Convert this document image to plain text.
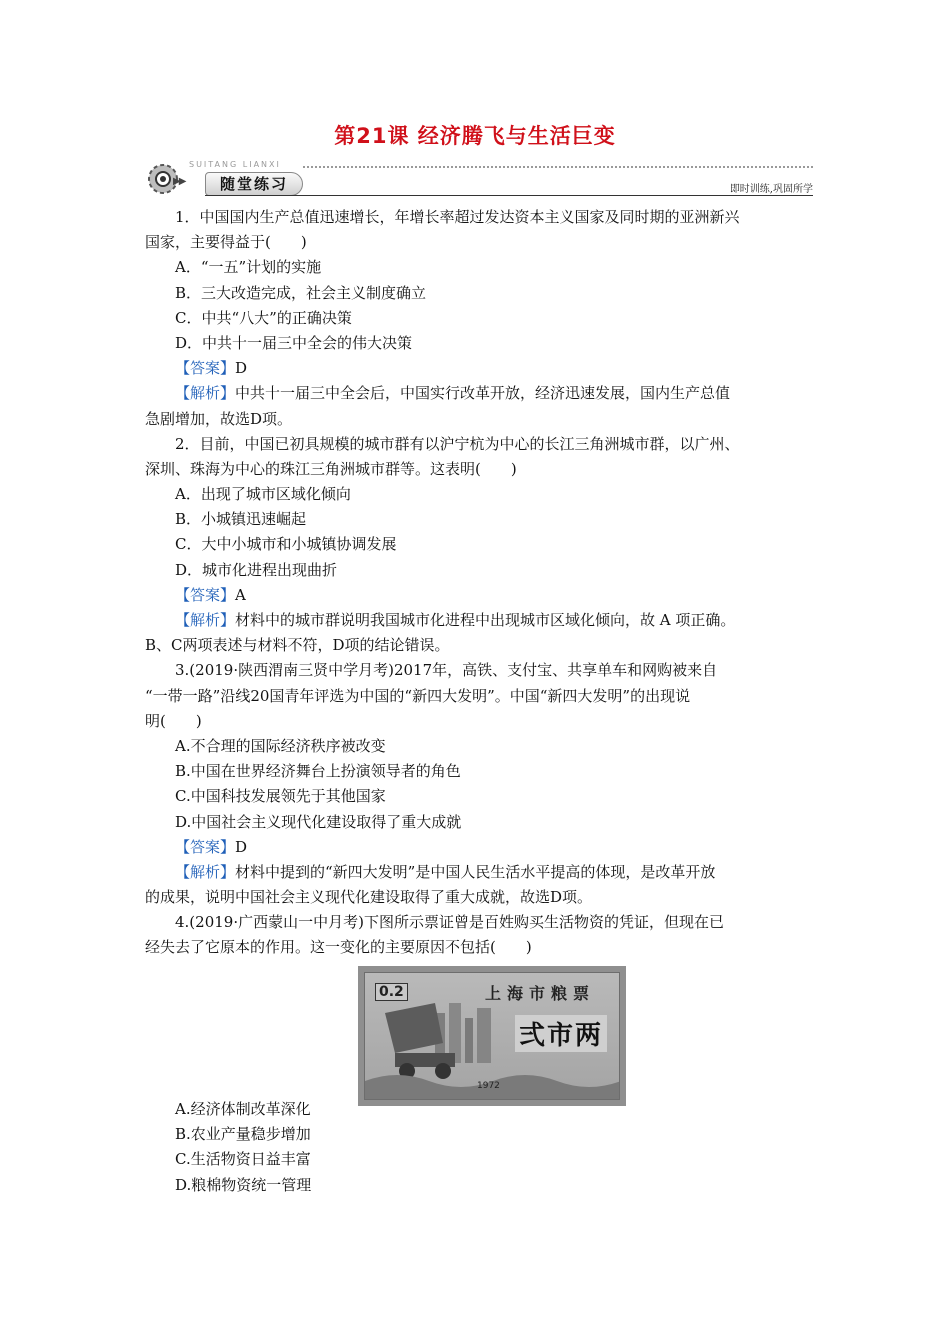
第21课 经济腾飞与生活巨变
SUITANG LIANXI
▶▶	随堂练习	即时训练,巩固所学
1．中国国内生产总值迅速增长，年增长率超过发达资本主义国家及同时期的亚洲新兴
国家，主要得益于(　　)
A．“一五”计划的实施
B．三大改造完成，社会主义制度确立
C．中共“八大”的正确决策
D．中共十一届三中全会的伟大决策
【答案】D
【解析】中共十一届三中全会后，中国实行改革开放，经济迅速发展，国内生产总值
急剧增加，故选D项。
2．目前，中国已初具规模的城市群有以沪宁杭为中心的长江三角洲城市群，以广州、
深圳、珠海为中心的珠江三角洲城市群等。这表明(　　)
A．出现了城市区域化倾向
B．小城镇迅速崛起
C．大中小城市和小城镇协调发展
D．城市化进程出现曲折
【答案】A
【解析】材料中的城市群说明我国城市化进程中出现城市区域化倾向，故 A 项正确。
B、C两项表述与材料不符，D项的结论错误。
3.(2019·陕西渭南三贤中学月考)2017年，高铁、支付宝、共享单车和网购被来自
“一带一路”沿线20国青年评选为中国的“新四大发明”。中国“新四大发明”的出现说
明(　　)
A.不合理的国际经济秩序被改变
B.中国在世界经济舞台上扮演领导者的角色
C.中国科技发展领先于其他国家
D.中国社会主义现代化建设取得了重大成就
【答案】D
【解析】材料中提到的“新四大发明”是中国人民生活水平提高的体现，是改革开放
的成果，说明中国社会主义现代化建设取得了重大成就，故选D项。
4.(2019·广西蒙山一中月考)下图所示票证曾是百姓购买生活物资的凭证，但现在已
经失去了它原本的作用。这一变化的主要原因不包括(　　)
0.2	上海市粮票
弍市两
1972
A.经济体制改革深化
B.农业产量稳步增加
C.生活物资日益丰富
D.粮棉物资统一管理
